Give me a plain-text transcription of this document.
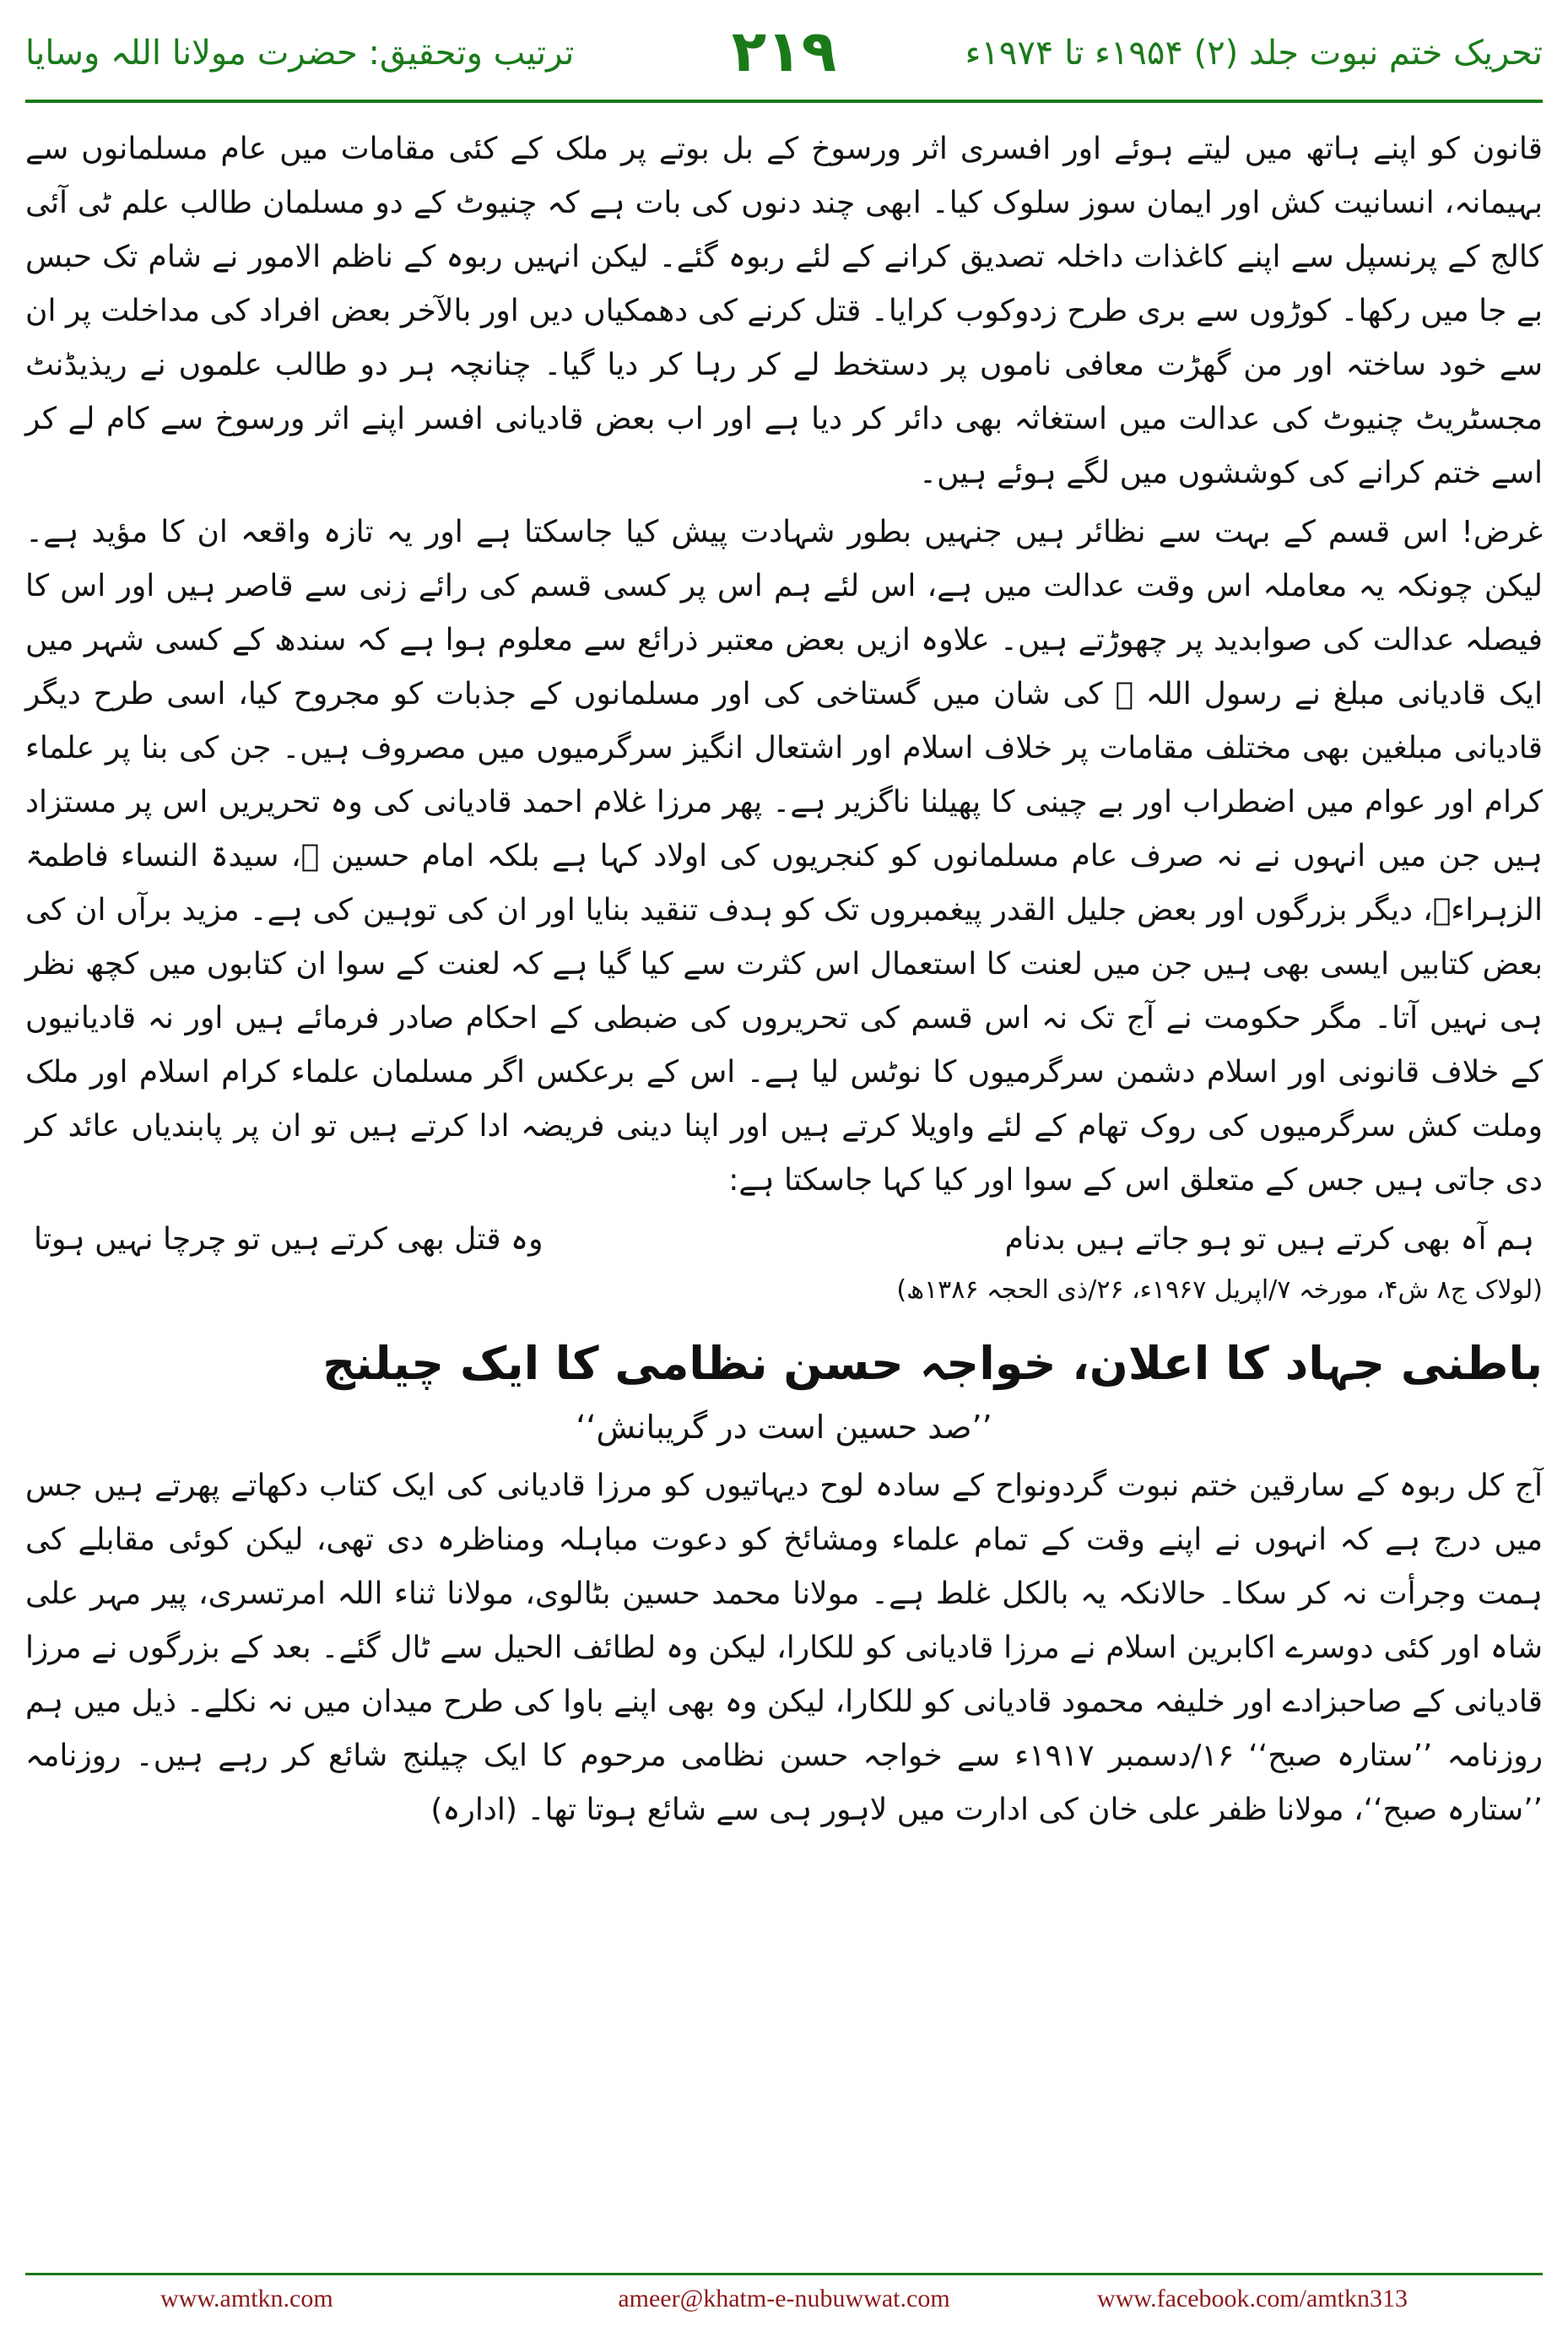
ترتیب وتحقیق: حضرت مولانا اللہ وسایا	۲۱۹	تحریک ختم نبوت جلد (۲) ۱۹۵۴ء تا ۱۹۷۴ء

قانون کو اپنے ہاتھ میں لیتے ہوئے اور افسری اثر ورسوخ کے بل بوتے پر ملک کے کئی مقامات میں عام مسلمانوں سے بہیمانہ، انسانیت کش اور ایمان سوز سلوک کیا۔ ابھی چند دنوں کی بات ہے کہ چنیوٹ کے دو مسلمان طالب علم ٹی آئی کالج کے پرنسپل سے اپنے کاغذات داخلہ تصدیق کرانے کے لئے ربوہ گئے۔ لیکن انہیں ربوہ کے ناظم الامور نے شام تک حبس بے جا میں رکھا۔ کوڑوں سے بری طرح زدوکوب کرایا۔ قتل کرنے کی دھمکیاں دیں اور بالآخر بعض افراد کی مداخلت پر ان سے خود ساختہ اور من گھڑت معافی ناموں پر دستخط لے کر رہا کر دیا گیا۔ چنانچہ ہر دو طالب علموں نے ریذیڈنٹ مجسٹریٹ چنیوٹ کی عدالت میں استغاثہ بھی دائر کر دیا ہے اور اب بعض قادیانی افسر اپنے اثر ورسوخ سے کام لے کر اسے ختم کرانے کی کوششوں میں لگے ہوئے ہیں۔

غرض! اس قسم کے بہت سے نظائر ہیں جنہیں بطور شہادت پیش کیا جاسکتا ہے اور یہ تازہ واقعہ ان کا مؤید ہے۔ لیکن چونکہ یہ معاملہ اس وقت عدالت میں ہے، اس لئے ہم اس پر کسی قسم کی رائے زنی سے قاصر ہیں اور اس کا فیصلہ عدالت کی صوابدید پر چھوڑتے ہیں۔ علاوہ ازیں بعض معتبر ذرائع سے معلوم ہوا ہے کہ سندھ کے کسی شہر میں ایک قادیانی مبلغ نے رسول اللہ ﷺ کی شان میں گستاخی کی اور مسلمانوں کے جذبات کو مجروح کیا، اسی طرح دیگر قادیانی مبلغین بھی مختلف مقامات پر خلاف اسلام اور اشتعال انگیز سرگرمیوں میں مصروف ہیں۔ جن کی بنا پر علماء کرام اور عوام میں اضطراب اور بے چینی کا پھیلنا ناگزیر ہے۔ پھر مرزا غلام احمد قادیانی کی وہ تحریریں اس پر مستزاد ہیں جن میں انہوں نے نہ صرف عام مسلمانوں کو کنجریوں کی اولاد کہا ہے بلکہ امام حسین ؓ، سیدۃ النساء فاطمۃ الزہراءؓ، دیگر بزرگوں اور بعض جلیل القدر پیغمبروں تک کو ہدف تنقید بنایا اور ان کی توہین کی ہے۔ مزید برآں ان کی بعض کتابیں ایسی بھی ہیں جن میں لعنت کا استعمال اس کثرت سے کیا گیا ہے کہ لعنت کے سوا ان کتابوں میں کچھ نظر ہی نہیں آتا۔ مگر حکومت نے آج تک نہ اس قسم کی تحریروں کی ضبطی کے احکام صادر فرمائے ہیں اور نہ قادیانیوں کے خلاف قانونی اور اسلام دشمن سرگرمیوں کا نوٹس لیا ہے۔ اس کے برعکس اگر مسلمان علماء کرام اسلام اور ملک وملت کش سرگرمیوں کی روک تھام کے لئے واویلا کرتے ہیں اور اپنا دینی فریضہ ادا کرتے ہیں تو ان پر پابندیاں عائد کر دی جاتی ہیں جس کے متعلق اس کے سوا اور کیا کہا جاسکتا ہے:

ہم آہ بھی کرتے ہیں تو ہو جاتے ہیں بدنام
وہ قتل بھی کرتے ہیں تو چرچا نہیں ہوتا
(لولاک ج۸ ش۴، مورخہ ۷/اپریل ۱۹۶۷ء، ۲۶/ذی الحجہ ۱۳۸۶ھ)
باطنی جہاد کا اعلان، خواجہ حسن نظامی کا ایک چیلنج
’’صد حسین است در گریبانش‘‘

آج کل ربوہ کے سارقین ختم نبوت گردونواح کے سادہ لوح دیہاتیوں کو مرزا قادیانی کی ایک کتاب دکھاتے پھرتے ہیں جس میں درج ہے کہ انہوں نے اپنے وقت کے تمام علماء ومشائخ کو دعوت مباہلہ ومناظرہ دی تھی، لیکن کوئی مقابلے کی ہمت وجرأت نہ کر سکا۔ حالانکہ یہ بالکل غلط ہے۔ مولانا محمد حسین بٹالوی، مولانا ثناء اللہ امرتسری، پیر مہر علی شاہ اور کئی دوسرے اکابرین اسلام نے مرزا قادیانی کو للکارا، لیکن وہ لطائف الحیل سے ٹال گئے۔ بعد کے بزرگوں نے مرزا قادیانی کے صاحبزادے اور خلیفہ محمود قادیانی کو للکارا، لیکن وہ بھی اپنے باوا کی طرح میدان میں نہ نکلے۔ ذیل میں ہم روزنامہ ’’ستارہ صبح‘‘ ۱۶/دسمبر ۱۹۱۷ء سے خواجہ حسن نظامی مرحوم کا ایک چیلنج شائع کر رہے ہیں۔ روزنامہ ’’ستارہ صبح‘‘، مولانا ظفر علی خان کی ادارت میں لاہور ہی سے شائع ہوتا تھا۔ (ادارہ)

www.amtkn.com	ameer@khatm-e-nubuwwat.com	www.facebook.com/amtkn313
